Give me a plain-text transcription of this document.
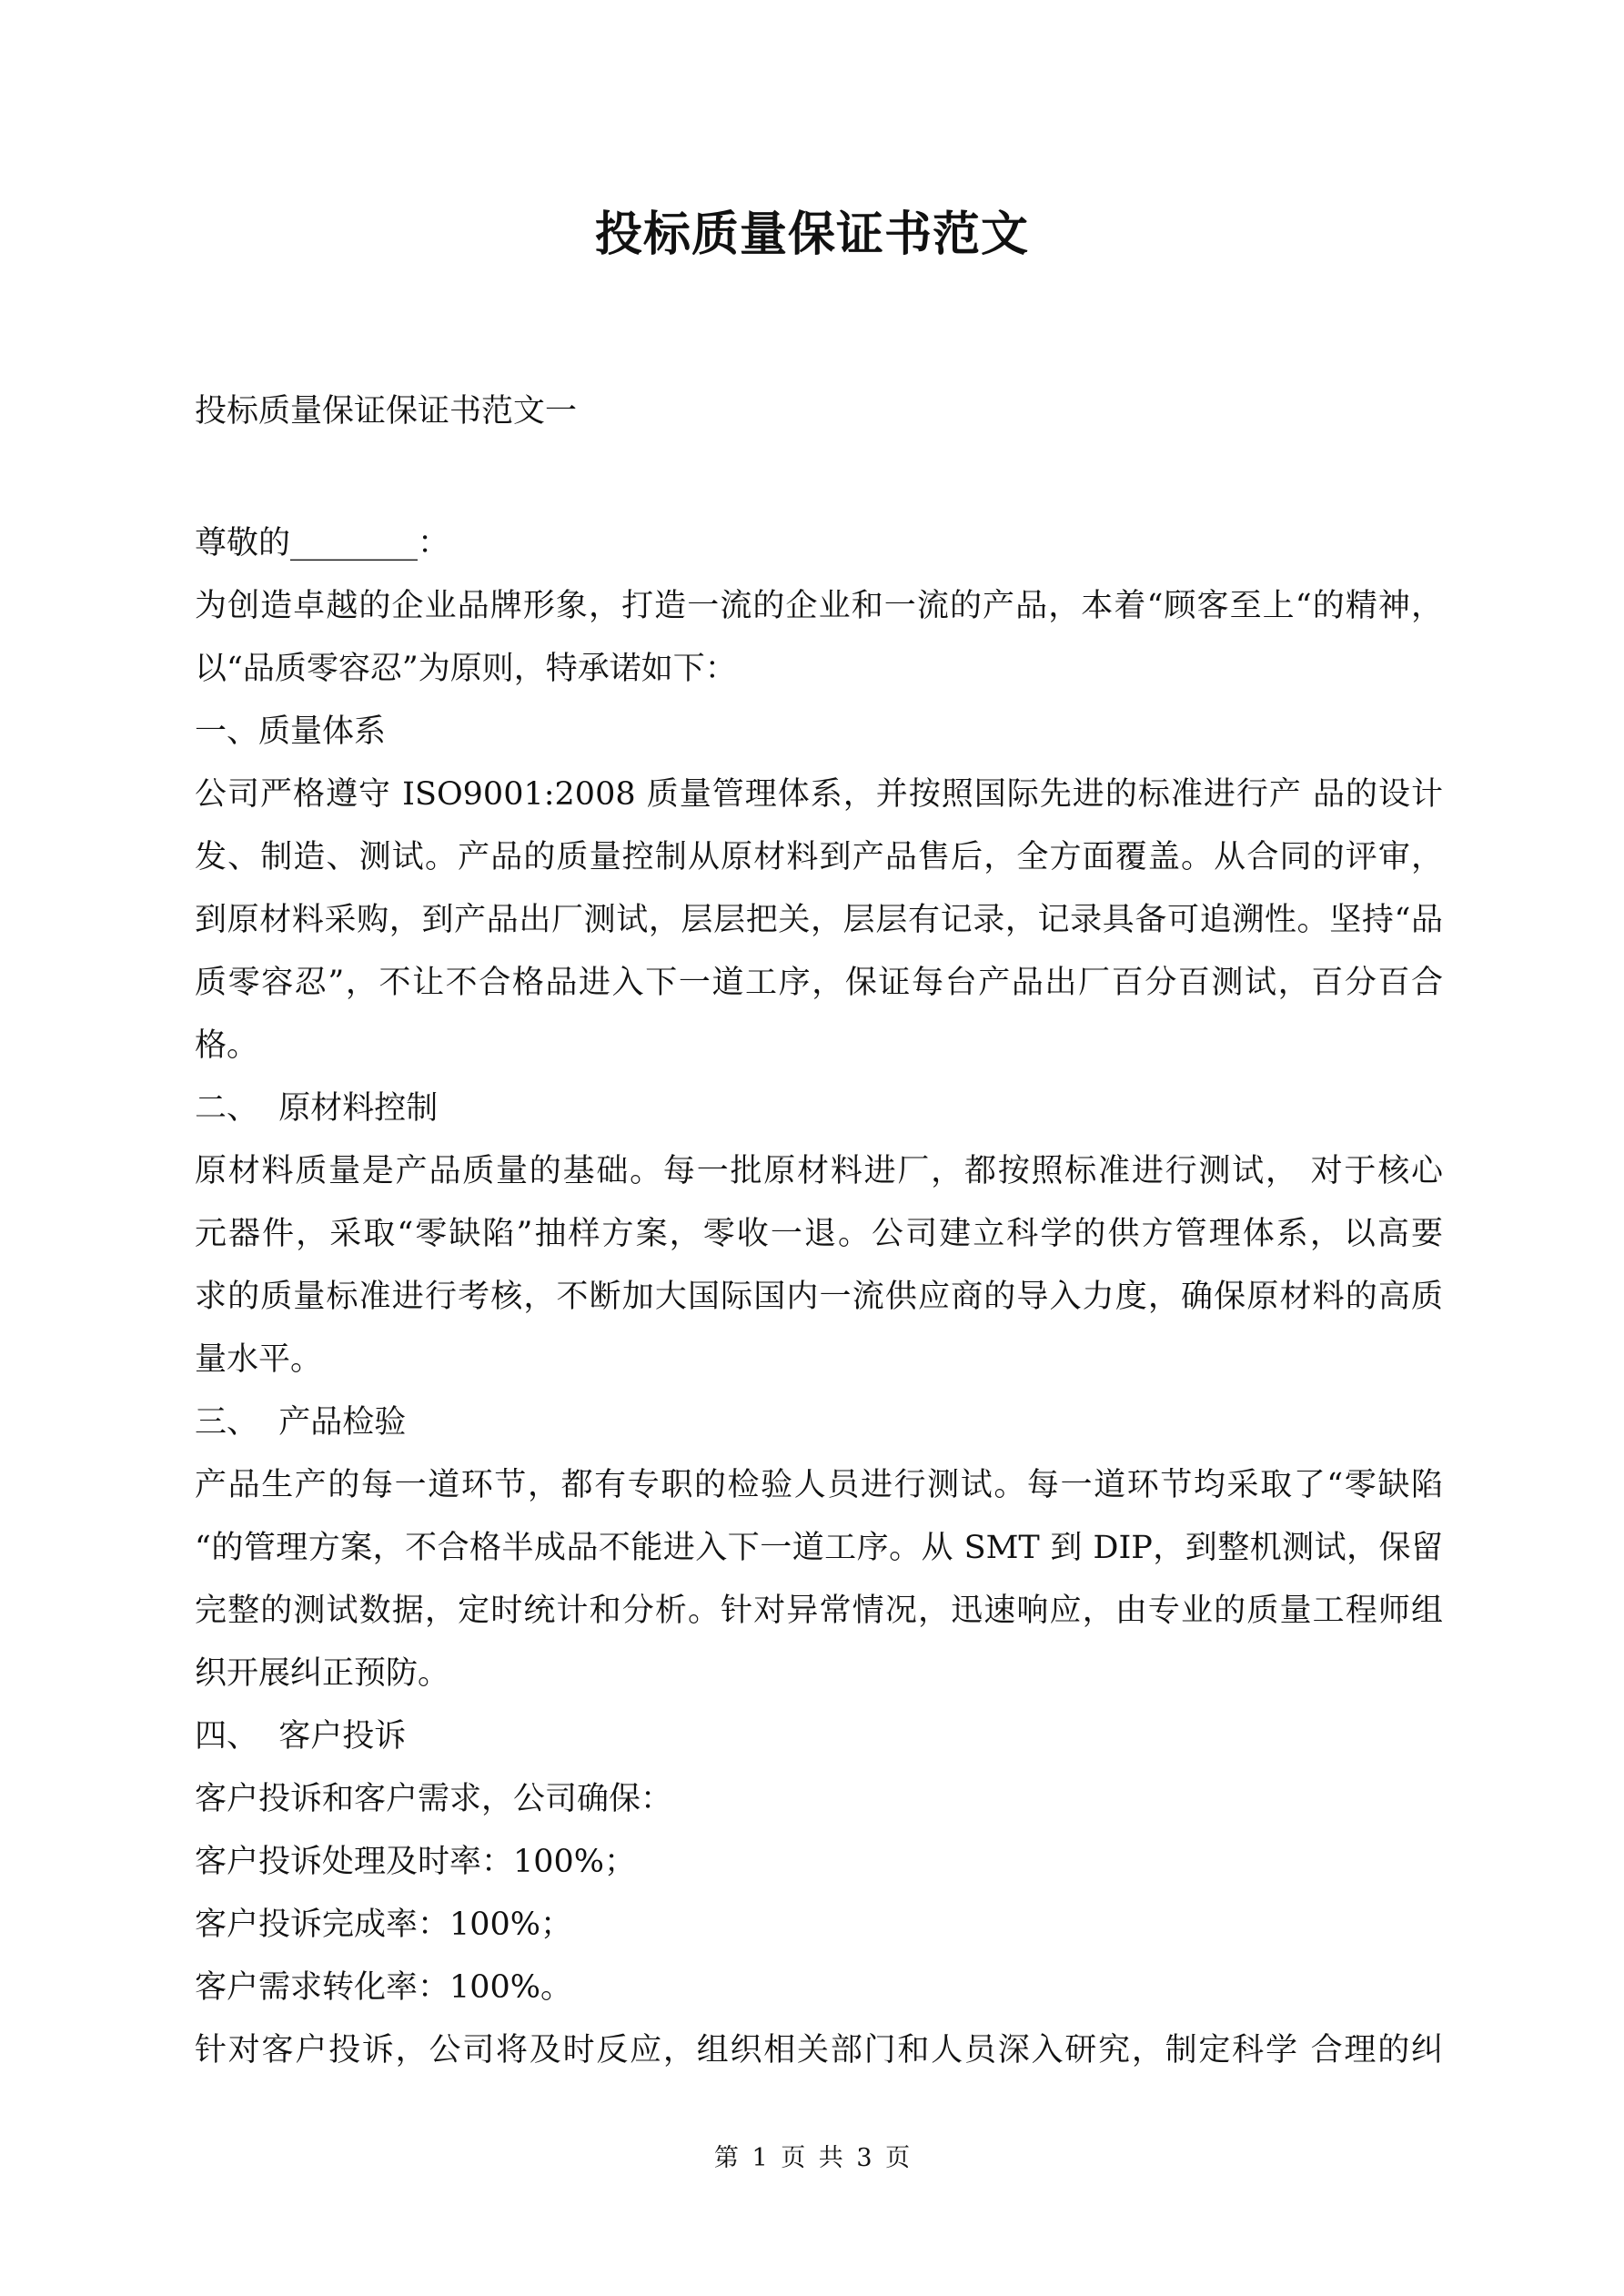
投标质量保证书范文
投标质量保证保证书范文一
尊敬的________：
为创造卓越的企业品牌形象，打造一流的企业和一流的产品，本着“顾客至上“的精神，
以“品质零容忍”为原则，特承诺如下：
一、质量体系
公司严格遵守 ISO9001:2008 质量管理体系，并按照国际先进的标准进行产 品的设计
发、制造、测试。产品的质量控制从原材料到产品售后，全方面覆盖。从合同的评审，
到原材料采购，到产品出厂测试，层层把关，层层有记录，记录具备可追溯性。坚持“品
质零容忍”，不让不合格品进入下一道工序，保证每台产品出厂百分百测试，百分百合
格。
二、  原材料控制
原材料质量是产品质量的基础。每一批原材料进厂，都按照标准进行测试， 对于核心
元器件，采取“零缺陷”抽样方案，零收一退。公司建立科学的供方管理体系，以高要
求的质量标准进行考核，不断加大国际国内一流供应商的导入力度，确保原材料的高质
量水平。
三、  产品检验
产品生产的每一道环节，都有专职的检验人员进行测试。每一道环节均采取了“零缺陷
“的管理方案，不合格半成品不能进入下一道工序。从 SMT 到 DIP，到整机测试，保留
完整的测试数据，定时统计和分析。针对异常情况，迅速响应，由专业的质量工程师组
织开展纠正预防。
四、  客户投诉
客户投诉和客户需求，公司确保：
客户投诉处理及时率：100%；
客户投诉完成率：100%；
客户需求转化率：100%。
针对客户投诉，公司将及时反应，组织相关部门和人员深入研究，制定科学 合理的纠
第 1 页 共 3 页
